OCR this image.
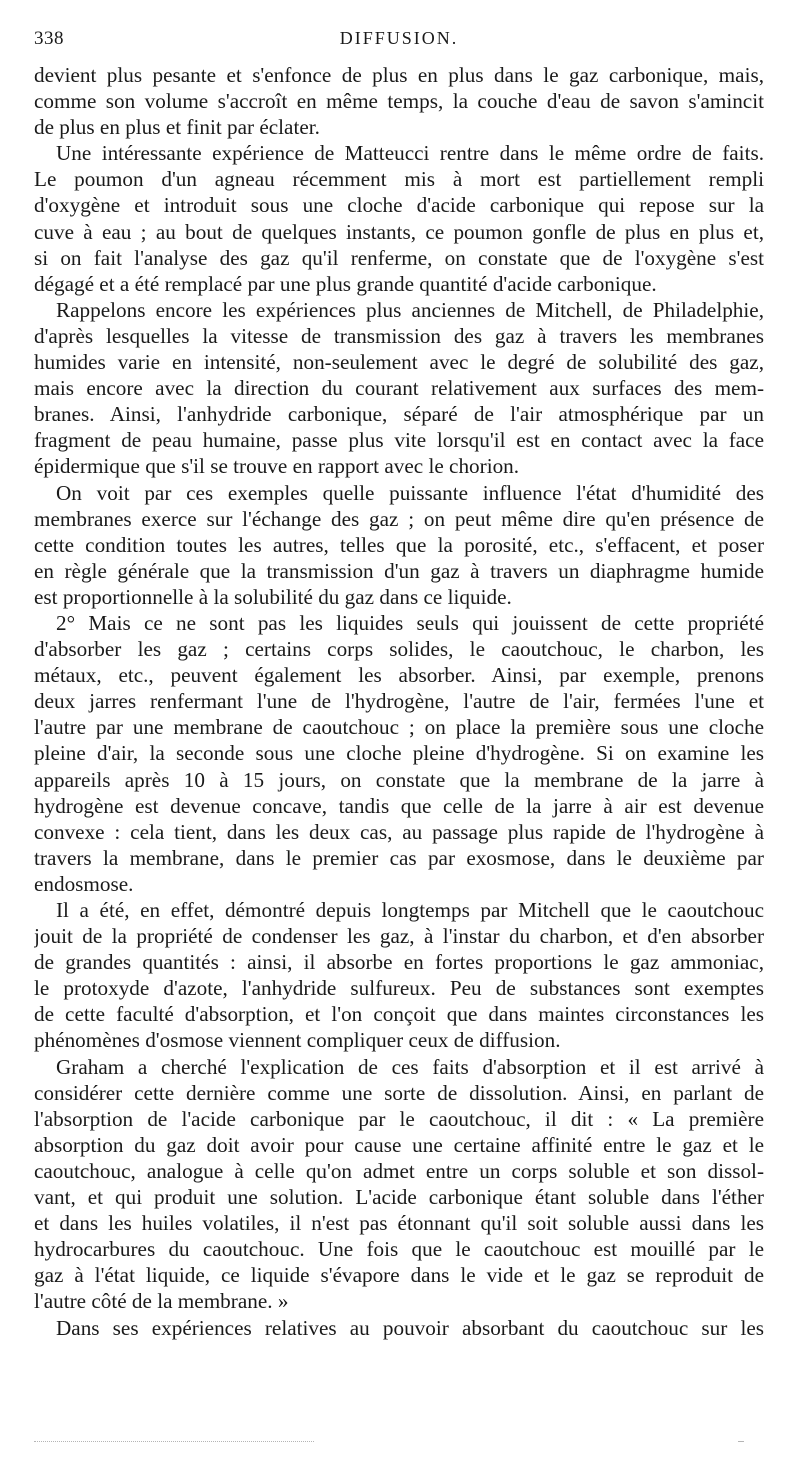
338	DIFFUSION.
devient plus pesante et s'enfonce de plus en plus dans le gaz carbonique, mais,
comme son volume s'accroît en même temps, la couche d'eau de savon s'amincit
de plus en plus et finit par éclater.
Une intéressante expérience de Matteucci rentre dans le même ordre de faits.
Le poumon d'un agneau récemment mis à mort est partiellement rempli
d'oxygène et introduit sous une cloche d'acide carbonique qui repose sur la
cuve à eau ; au bout de quelques instants, ce poumon gonfle de plus en plus et,
si on fait l'analyse des gaz qu'il renferme, on constate que de l'oxygène s'est
dégagé et a été remplacé par une plus grande quantité d'acide carbonique.
Rappelons encore les expériences plus anciennes de Mitchell, de Philadelphie,
d'après lesquelles la vitesse de transmission des gaz à travers les membranes
humides varie en intensité, non-seulement avec le degré de solubilité des gaz,
mais encore avec la direction du courant relativement aux surfaces des mem-
branes. Ainsi, l'anhydride carbonique, séparé de l'air atmosphérique par un
fragment de peau humaine, passe plus vite lorsqu'il est en contact avec la face
épidermique que s'il se trouve en rapport avec le chorion.
On voit par ces exemples quelle puissante influence l'état d'humidité des
membranes exerce sur l'échange des gaz ; on peut même dire qu'en présence de
cette condition toutes les autres, telles que la porosité, etc., s'effacent, et poser
en règle générale que la transmission d'un gaz à travers un diaphragme humide
est proportionnelle à la solubilité du gaz dans ce liquide.
2° Mais ce ne sont pas les liquides seuls qui jouissent de cette propriété
d'absorber les gaz ; certains corps solides, le caoutchouc, le charbon, les
métaux, etc., peuvent également les absorber. Ainsi, par exemple, prenons
deux jarres renfermant l'une de l'hydrogène, l'autre de l'air, fermées l'une et
l'autre par une membrane de caoutchouc ; on place la première sous une cloche
pleine d'air, la seconde sous une cloche pleine d'hydrogène. Si on examine les
appareils après 10 à 15 jours, on constate que la membrane de la jarre à
hydrogène est devenue concave, tandis que celle de la jarre à air est devenue
convexe : cela tient, dans les deux cas, au passage plus rapide de l'hydrogène à
travers la membrane, dans le premier cas par exosmose, dans le deuxième par
endosmose.
Il a été, en effet, démontré depuis longtemps par Mitchell que le caoutchouc
jouit de la propriété de condenser les gaz, à l'instar du charbon, et d'en absorber
de grandes quantités : ainsi, il absorbe en fortes proportions le gaz ammoniac,
le protoxyde d'azote, l'anhydride sulfureux. Peu de substances sont exemptes
de cette faculté d'absorption, et l'on conçoit que dans maintes circonstances les
phénomènes d'osmose viennent compliquer ceux de diffusion.
Graham a cherché l'explication de ces faits d'absorption et il est arrivé à
considérer cette dernière comme une sorte de dissolution. Ainsi, en parlant de
l'absorption de l'acide carbonique par le caoutchouc, il dit : « La première
absorption du gaz doit avoir pour cause une certaine affinité entre le gaz et le
caoutchouc, analogue à celle qu'on admet entre un corps soluble et son dissol-
vant, et qui produit une solution. L'acide carbonique étant soluble dans l'éther
et dans les huiles volatiles, il n'est pas étonnant qu'il soit soluble aussi dans les
hydrocarbures du caoutchouc. Une fois que le caoutchouc est mouillé par le
gaz à l'état liquide, ce liquide s'évapore dans le vide et le gaz se reproduit de
l'autre côté de la membrane. »
Dans ses expériences relatives au pouvoir absorbant du caoutchouc sur les
